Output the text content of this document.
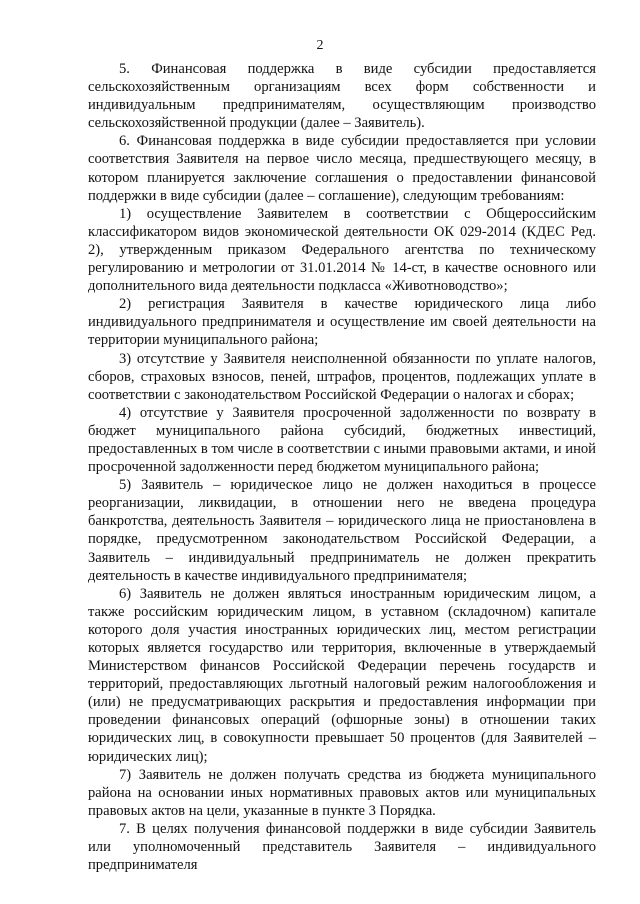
2

5. Финансовая поддержка в виде субсидии предоставляется сельскохозяйственным организациям всех форм собственности и индивидуальным предпринимателям, осуществляющим производство сельскохозяйственной продукции (далее – Заявитель).

6. Финансовая поддержка в виде субсидии предоставляется при условии соответствия Заявителя на первое число месяца, предшествующего месяцу, в котором планируется заключение соглашения о предоставлении финансовой поддержки в виде субсидии (далее – соглашение), следующим требованиям:

1) осуществление Заявителем в соответствии с Общероссийским классификатором видов экономической деятельности ОК 029-2014 (КДЕС Ред. 2), утвержденным приказом Федерального агентства по техническому регулированию и метрологии от 31.01.2014 № 14-ст, в качестве основного или дополнительного вида деятельности подкласса «Животноводство»;

2) регистрация Заявителя в качестве юридического лица либо индивидуального предпринимателя и осуществление им своей деятельности на территории муниципального района;

3) отсутствие у Заявителя неисполненной обязанности по уплате налогов, сборов, страховых взносов, пеней, штрафов, процентов, подлежащих уплате в соответствии с законодательством Российской Федерации о налогах и сборах;

4) отсутствие у Заявителя просроченной задолженности по возврату в бюджет муниципального района субсидий, бюджетных инвестиций, предоставленных в том числе в соответствии с иными правовыми актами, и иной просроченной задолженности перед бюджетом муниципального района;

5) Заявитель – юридическое лицо не должен находиться в процессе реорганизации, ликвидации, в отношении него не введена процедура банкротства, деятельность Заявителя – юридического лица не приостановлена в порядке, предусмотренном законодательством Российской Федерации, а Заявитель – индивидуальный предприниматель не должен прекратить деятельность в качестве индивидуального предпринимателя;

6) Заявитель не должен являться иностранным юридическим лицом, а также российским юридическим лицом, в уставном (складочном) капитале которого доля участия иностранных юридических лиц, местом регистрации которых является государство или территория, включенные в утверждаемый Министерством финансов Российской Федерации перечень государств и территорий, предоставляющих льготный налоговый режим налогообложения и (или) не предусматривающих раскрытия и предоставления информации при проведении финансовых операций (офшорные зоны) в отношении таких юридических лиц, в совокупности превышает 50 процентов (для Заявителей – юридических лиц);

7) Заявитель не должен получать средства из бюджета муниципального района на основании иных нормативных правовых актов или муниципальных правовых актов на цели, указанные в пункте 3 Порядка.

7. В целях получения финансовой поддержки в виде субсидии Заявитель или уполномоченный представитель Заявителя – индивидуального предпринимателя
